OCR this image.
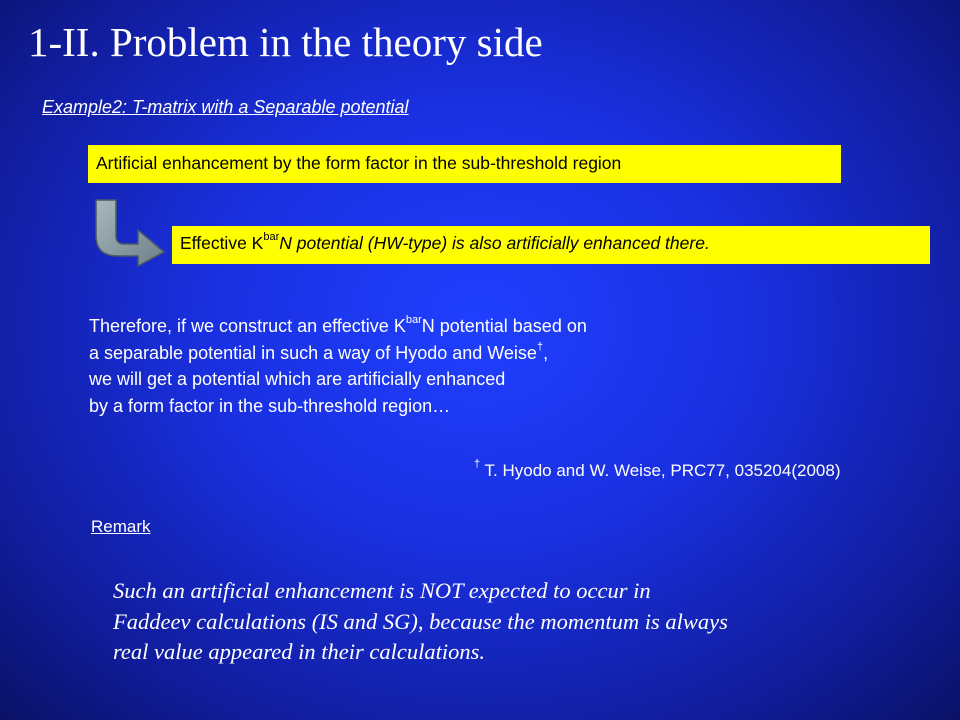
1-II. Problem in the theory side
Example2: T-matrix with a Separable potential
Artificial enhancement by the form factor in the sub-threshold region
Effective $K^{bar}N$ potential (HW-type) is also artificially enhanced there.
Therefore, if we construct an effective $K^{bar}N$ potential based on
a separable potential in such a way of Hyodo and Weise†,
we will get a potential which are artificially enhanced
by a form factor in the sub-threshold region…
† T. Hyodo and W. Weise, PRC77, 035204(2008)
Remark
Such an artificial enhancement is NOT expected to occur in
Faddeev calculations (IS and SG), because the momentum is always
real value appeared in their calculations.
